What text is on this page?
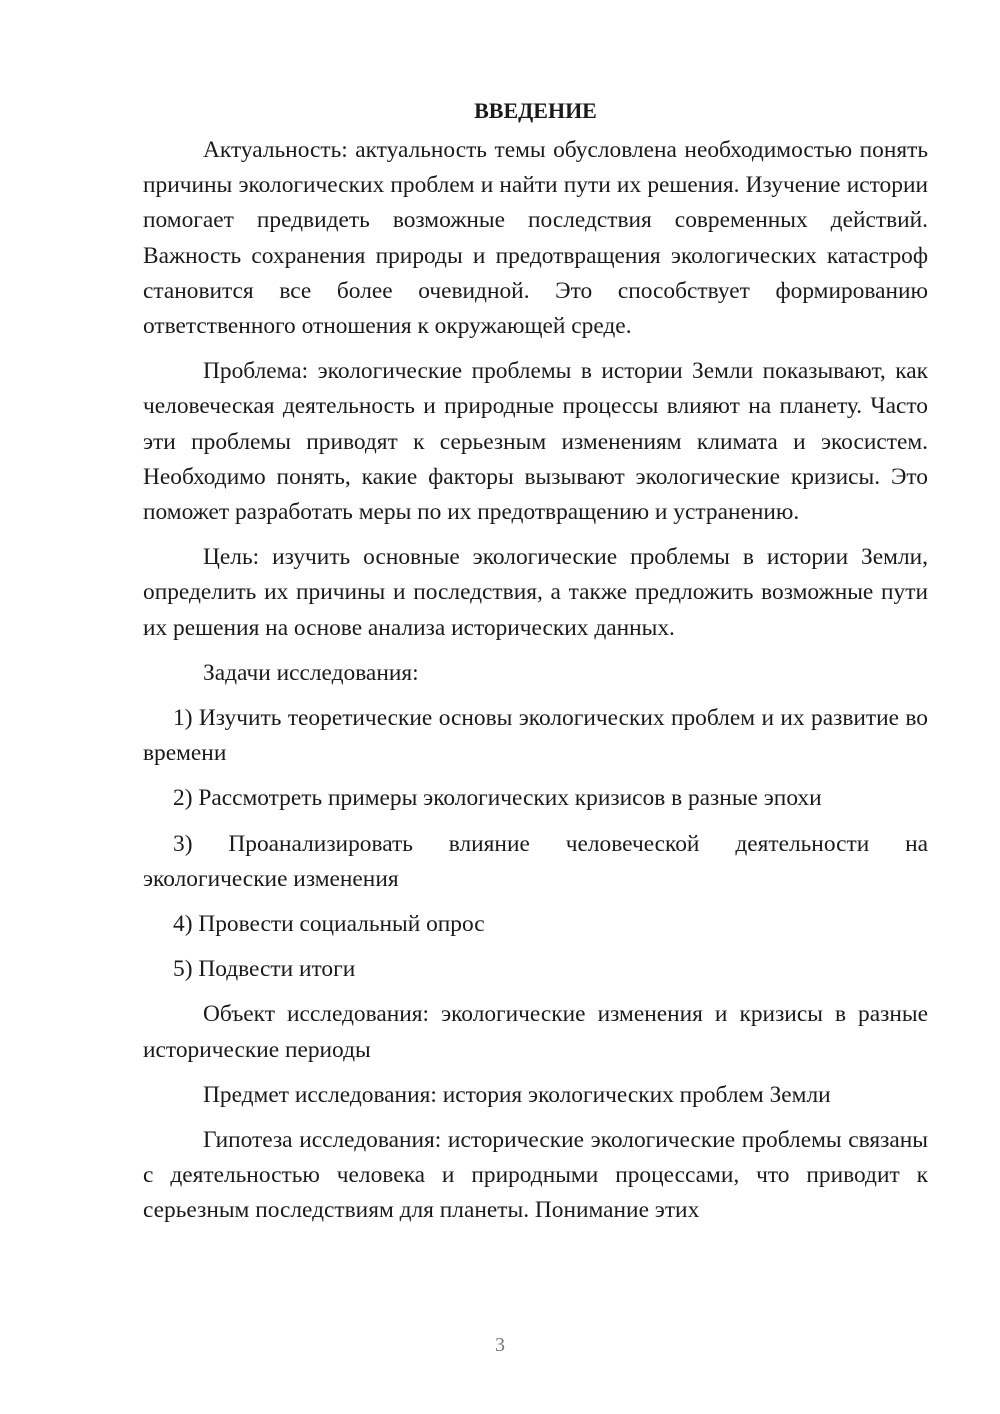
ВВЕДЕНИЕ

Актуальность: актуальность темы обусловлена необходимостью понять причины экологических проблем и найти пути их решения. Изучение истории помогает предвидеть возможные последствия современных действий. Важность сохранения природы и предотвращения экологических катастроф становится все более очевидной. Это способствует формированию ответственного отношения к окружающей среде.

Проблема: экологические проблемы в истории Земли показывают, как человеческая деятельность и природные процессы влияют на планету. Часто эти проблемы приводят к серьезным изменениям климата и экосистем. Необходимо понять, какие факторы вызывают экологические кризисы. Это поможет разработать меры по их предотвращению и устранению.

Цель: изучить основные экологические проблемы в истории Земли, определить их причины и последствия, а также предложить возможные пути их решения на основе анализа исторических данных.

Задачи исследования:

1) Изучить теоретические основы экологических проблем и их развитие во времени

2) Рассмотреть примеры экологических кризисов в разные эпохи

3) Проанализировать влияние человеческой деятельности на экологические изменения

4) Провести социальный опрос

5) Подвести итоги

Объект исследования: экологические изменения и кризисы в разные исторические периоды

Предмет исследования: история экологических проблем Земли

Гипотеза исследования: исторические экологические проблемы связаны с деятельностью человека и природными процессами, что приводит к серьезным последствиям для планеты. Понимание этих

3
